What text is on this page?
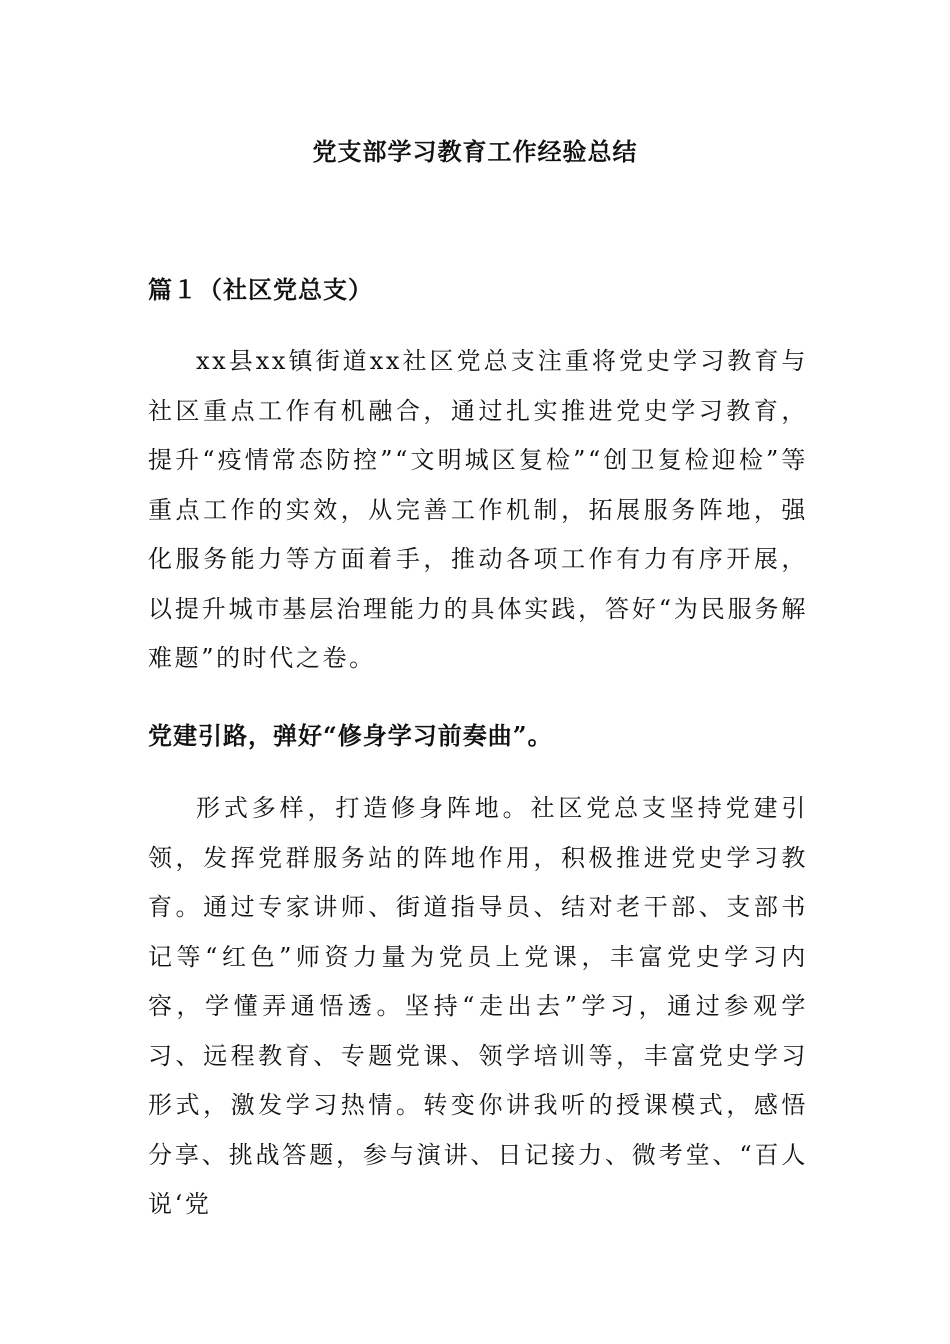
党支部学习教育工作经验总结
篇１（社区党总支）

xx县xx镇街道xx社区党总支注重将党史学习教育与社区重点工作有机融合，通过扎实推进党史学习教育，提升“疫情常态防控”“文明城区复检”“创卫复检迎检”等重点工作的实效，从完善工作机制，拓展服务阵地，强化服务能力等方面着手，推动各项工作有力有序开展，以提升城市基层治理能力的具体实践，答好“为民服务解难题”的时代之卷。

党建引路，弹好“修身学习前奏曲”。

形式多样，打造修身阵地。社区党总支坚持党建引领，发挥党群服务站的阵地作用，积极推进党史学习教育。通过专家讲师、街道指导员、结对老干部、支部书记等“红色”师资力量为党员上党课，丰富党史学习内容，学懂弄通悟透。坚持“走出去”学习，通过参观学习、远程教育、专题党课、领学培训等，丰富党史学习形式，激发学习热情。转变你讲我听的授课模式，感悟分享、挑战答题，参与演讲、日记接力、微考堂、“百人说‘党
